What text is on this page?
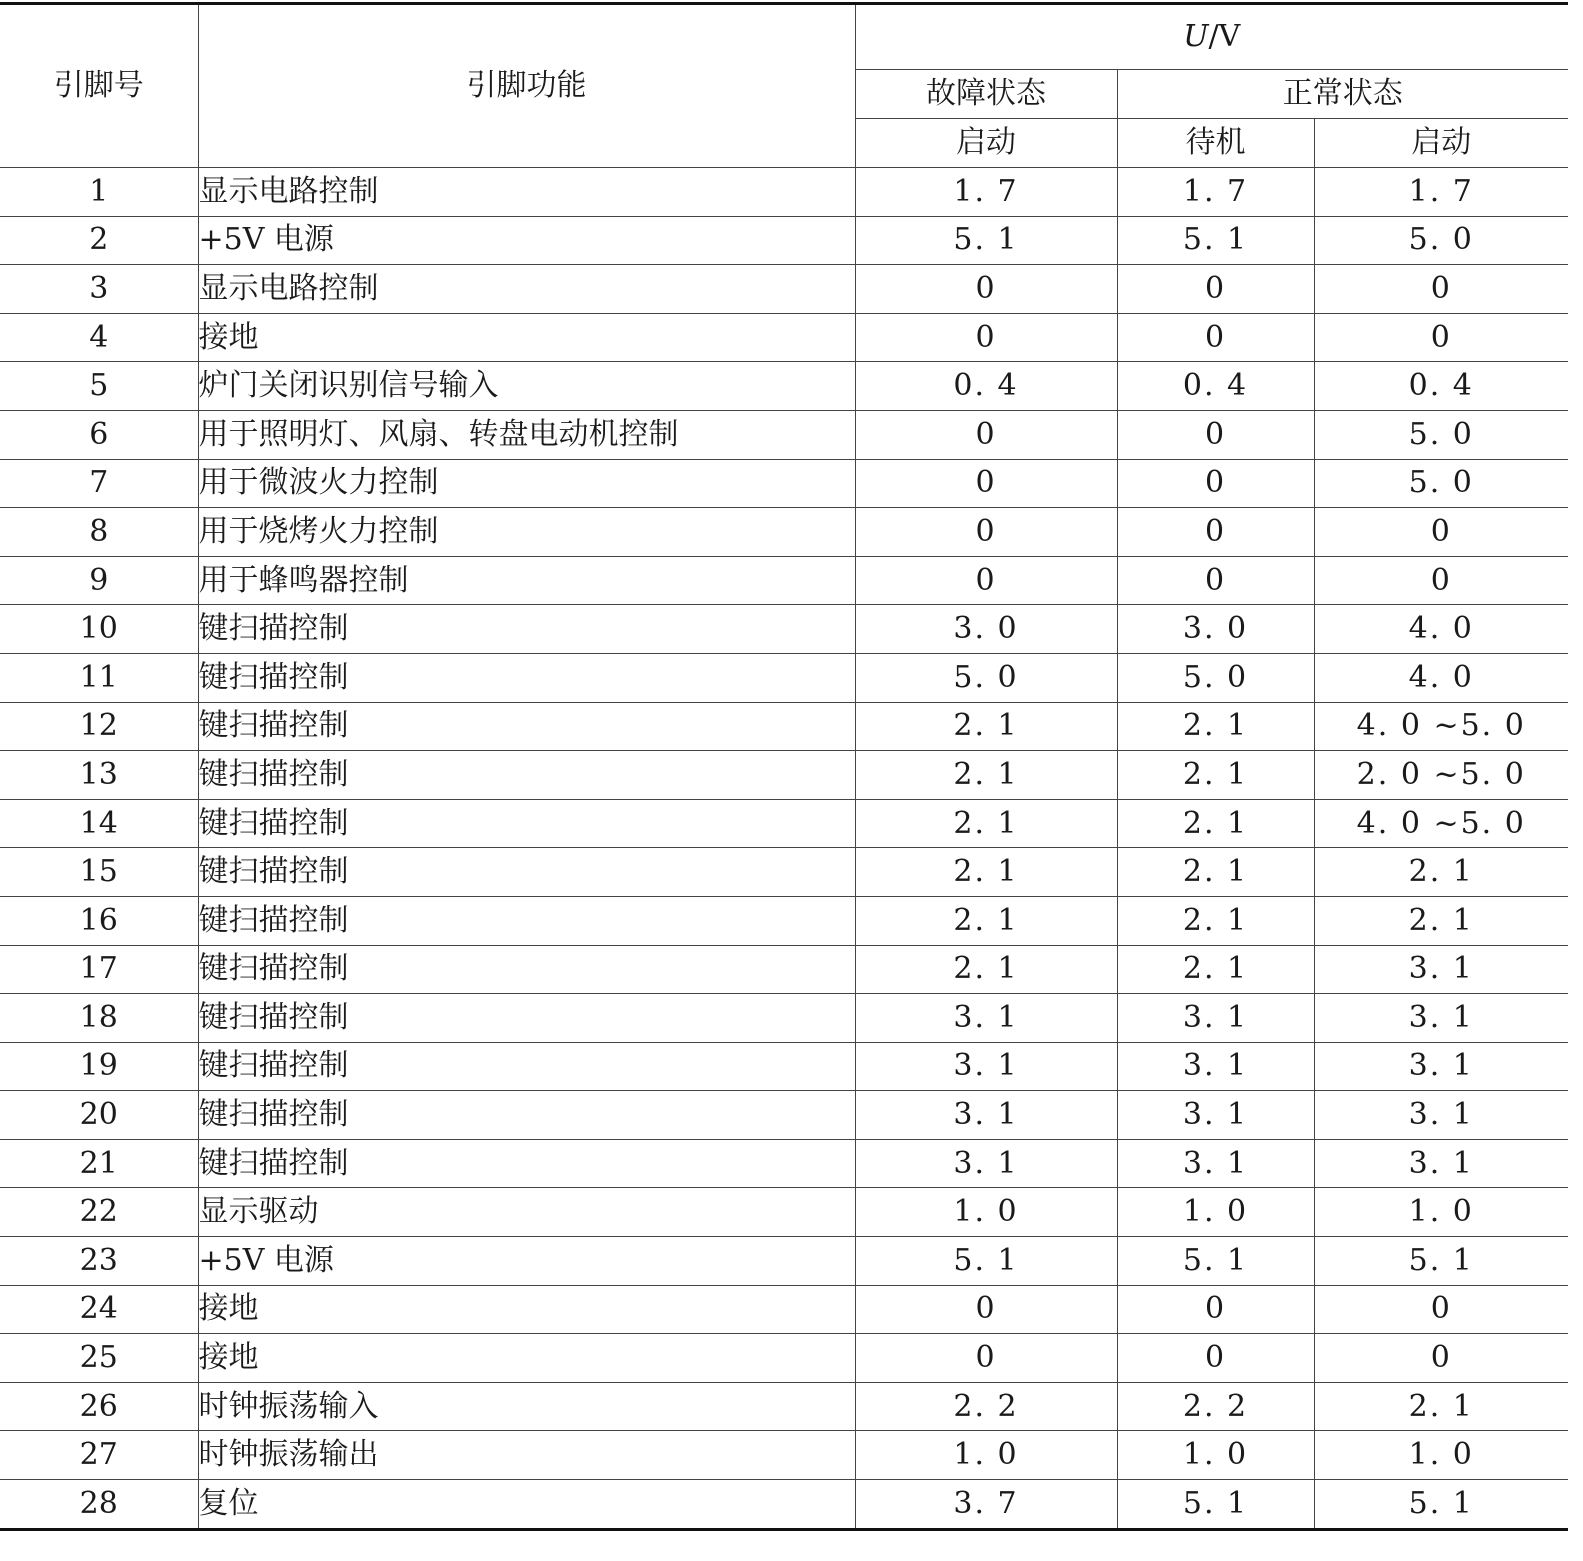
引脚号	引脚功能	U/V		
		故障状态	正常状态	
		启动	待机	启动
1	显示电路控制	1. 7	1. 7	1. 7
2	+5V 电源	5. 1	5. 1	5. 0
3	显示电路控制	0	0	0
4	接地	0	0	0
5	炉门关闭识别信号输入	0. 4	0. 4	0. 4
6	用于照明灯、风扇、转盘电动机控制	0	0	5. 0
7	用于微波火力控制	0	0	5. 0
8	用于烧烤火力控制	0	0	0
9	用于蜂鸣器控制	0	0	0
10	键扫描控制	3. 0	3. 0	4. 0
11	键扫描控制	5. 0	5. 0	4. 0
12	键扫描控制	2. 1	2. 1	4. 0 ~5. 0
13	键扫描控制	2. 1	2. 1	2. 0 ~5. 0
14	键扫描控制	2. 1	2. 1	4. 0 ~5. 0
15	键扫描控制	2. 1	2. 1	2. 1
16	键扫描控制	2. 1	2. 1	2. 1
17	键扫描控制	2. 1	2. 1	3. 1
18	键扫描控制	3. 1	3. 1	3. 1
19	键扫描控制	3. 1	3. 1	3. 1
20	键扫描控制	3. 1	3. 1	3. 1
21	键扫描控制	3. 1	3. 1	3. 1
22	显示驱动	1. 0	1. 0	1. 0
23	+5V 电源	5. 1	5. 1	5. 1
24	接地	0	0	0
25	接地	0	0	0
26	时钟振荡输入	2. 2	2. 2	2. 1
27	时钟振荡输出	1. 0	1. 0	1. 0
28	复位	3. 7	5. 1	5. 1
